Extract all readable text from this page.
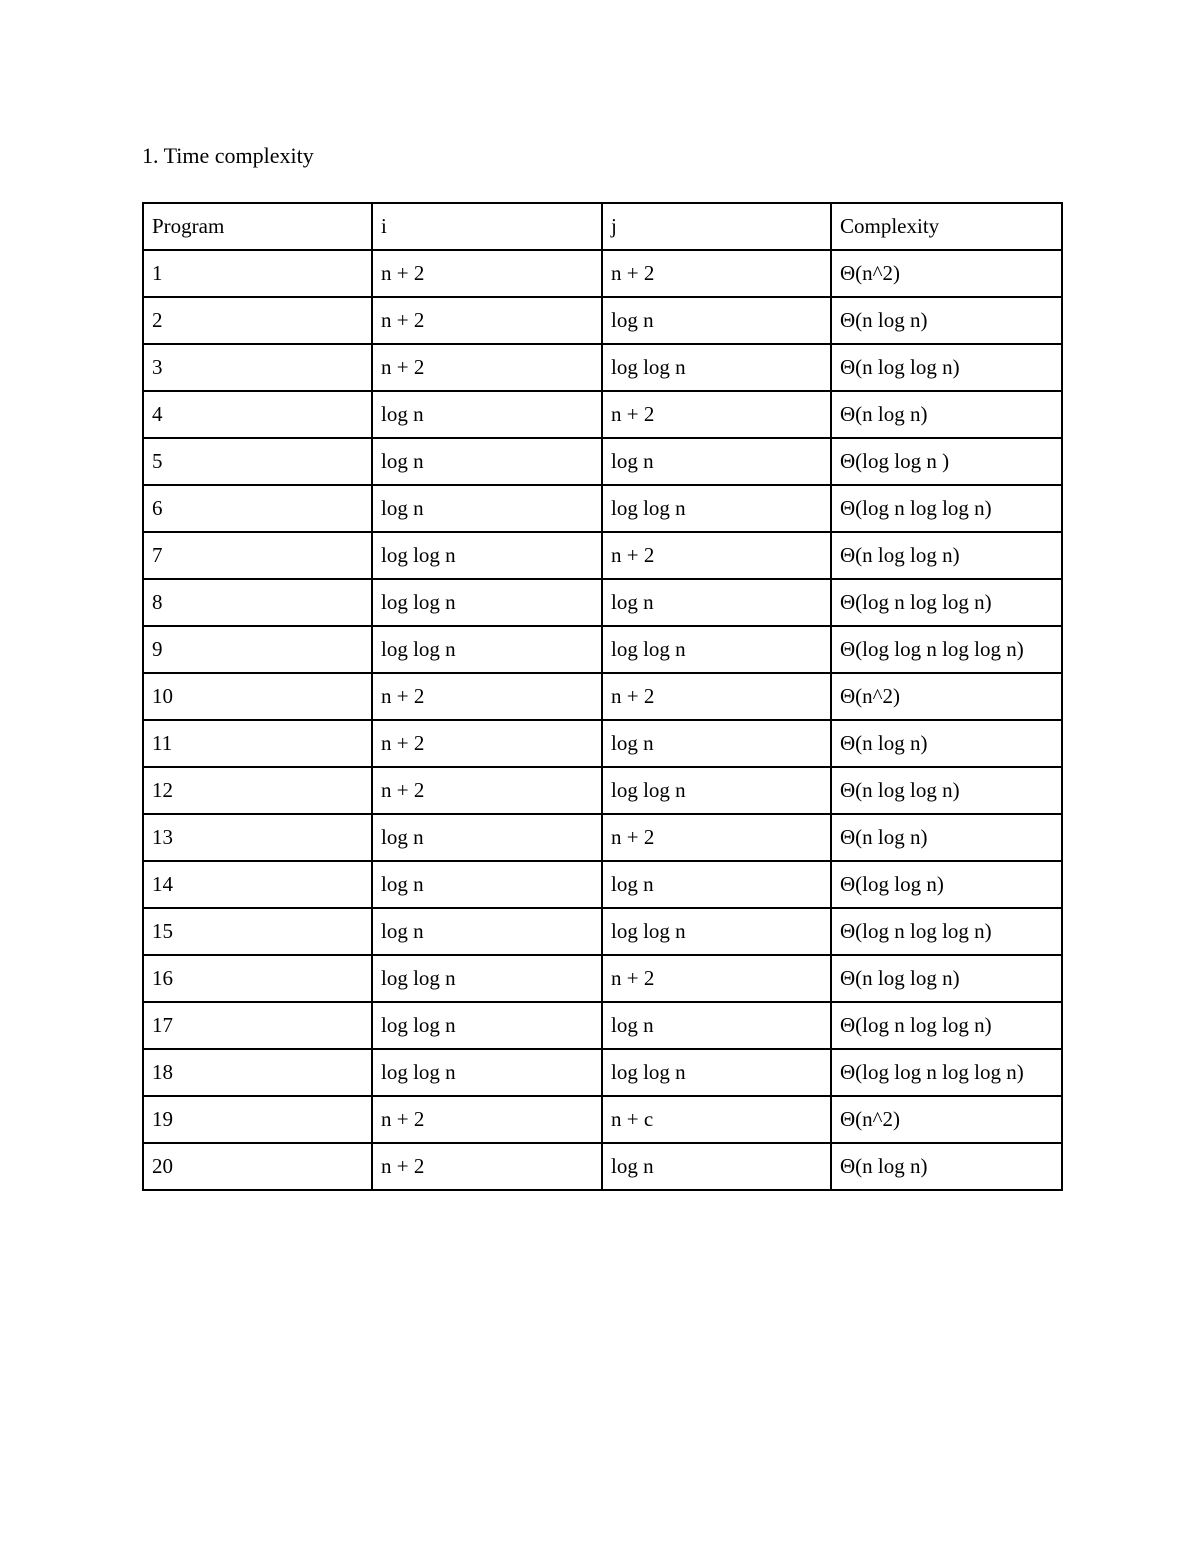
1. Time complexity
Program	i	j	Complexity
1	n + 2	n + 2	Θ(n^2)
2	n + 2	log n	Θ(n log n)
3	n + 2	log log n	Θ(n log log n)
4	log n	n + 2	Θ(n log n)
5	log n	log n	Θ(log log n )
6	log n	log log n	Θ(log n log log n)
7	log log n	n + 2	Θ(n log log n)
8	log log n	log n	Θ(log n log log n)
9	log log n	log log n	Θ(log log n log log n)
10	n + 2	n + 2	Θ(n^2)
11	n + 2	log n	Θ(n log n)
12	n + 2	log log n	Θ(n log log n)
13	log n	n + 2	Θ(n log n)
14	log n	log n	Θ(log log n)
15	log n	log log n	Θ(log n log log n)
16	log log n	n + 2	Θ(n log log n)
17	log log n	log n	Θ(log n log log n)
18	log log n	log log n	Θ(log log n log log n)
19	n + 2	n + c	Θ(n^2)
20	n + 2	log n	Θ(n log n)
